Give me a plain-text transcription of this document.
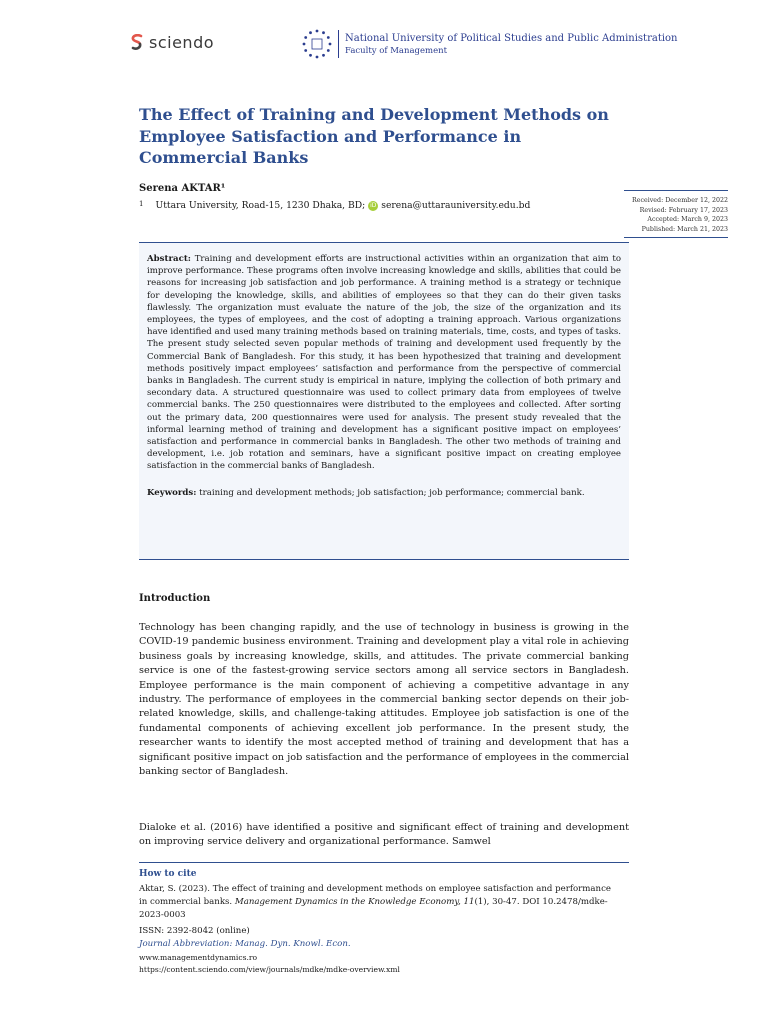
sciendo	National University of Political Studies and Public Administration
Faculty of Management
The Effect of Training and Development Methods on Employee Satisfaction and Performance in Commercial Banks
Serena AKTAR¹
1 Uttara University, Road-15, 1230 Dhaka, BD; iD serena@uttarauniversity.edu.bd	Received: December 12, 2022
Revised: February 17, 2023
Accepted: March 9, 2023
Published: March 21, 2023

Abstract: Training and development efforts are instructional activities within an organization that aim to improve performance. These programs often involve increasing knowledge and skills, abilities that could be reasons for increasing job satisfaction and job performance. A training method is a strategy or technique for developing the knowledge, skills, and abilities of employees so that they can do their given tasks flawlessly. The organization must evaluate the nature of the job, the size of the organization and its employees, the types of employees, and the cost of adopting a training approach. Various organizations have identified and used many training methods based on training materials, time, costs, and types of tasks. The present study selected seven popular methods of training and development used frequently by the Commercial Bank of Bangladesh. For this study, it has been hypothesized that training and development methods positively impact employees’ satisfaction and performance from the perspective of commercial banks in Bangladesh. The current study is empirical in nature, implying the collection of both primary and secondary data. A structured questionnaire was used to collect primary data from employees of twelve commercial banks. The 250 questionnaires were distributed to the employees and collected. After sorting out the primary data, 200 questionnaires were used for analysis. The present study revealed that the informal learning method of training and development has a significant positive impact on employees’ satisfaction and performance in commercial banks in Bangladesh. The other two methods of training and development, i.e. job rotation and seminars, have a significant positive impact on creating employee satisfaction in the commercial banks of Bangladesh.

Keywords: training and development methods; job satisfaction; job performance; commercial bank.

Introduction

Technology has been changing rapidly, and the use of technology in business is growing in the COVID-19 pandemic business environment. Training and development play a vital role in achieving business goals by increasing knowledge, skills, and attitudes. The private commercial banking service is one of the fastest-growing service sectors among all service sectors in Bangladesh. Employee performance is the main component of achieving a competitive advantage in any industry. The performance of employees in the commercial banking sector depends on their job-related knowledge, skills, and challenge-taking attitudes. Employee job satisfaction is one of the fundamental components of achieving excellent job performance. In the present study, the researcher wants to identify the most accepted method of training and development that has a significant positive impact on job satisfaction and the performance of employees in the commercial banking sector of Bangladesh.

Dialoke et al. (2016) have identified a positive and significant effect of training and development on improving service delivery and organizational performance. Samwel

How to cite

Aktar, S. (2023). The effect of training and development methods on employee satisfaction and performance in commercial banks. Management Dynamics in the Knowledge Economy, 11(1), 30-47. DOI 10.2478/mdke-2023-0003

ISSN: 2392-8042 (online)
Journal Abbreviation: Manag. Dyn. Knowl. Econ.
www.managementdynamics.ro
https://content.sciendo.com/view/journals/mdke/mdke-overview.xml
